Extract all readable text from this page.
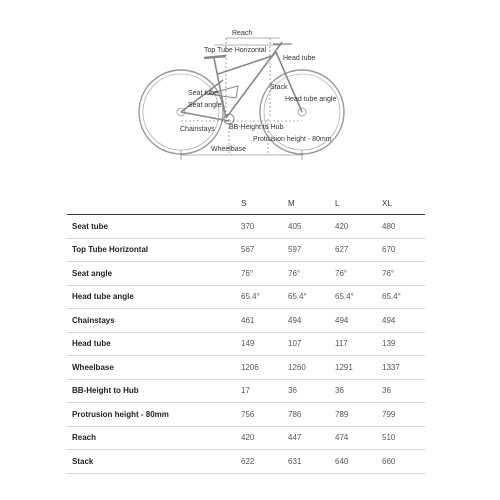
Reach
Top Tube Horizontal
Head tube
Stack
Seat tube
Seat angle
Head tube angle
Chainstays BB-Height to Hub
Protrusion height - 80mm
Wheelbase
	S	M	L	XL
Seat tube	370	405	420	480
Top Tube Horizontal	567	597	627	670
Seat angle	76°	76°	76°	76°
Head tube angle	65.4°	65.4°	65.4°	65.4°
Chainstays	461	494	494	494
Head tube	149	107	117	139
Wheelbase	1206	1260	1291	1337
BB-Height to Hub	17	36	36	36
Protrusion height - 80mm	756	786	789	799
Reach	420	447	474	510
Stack	622	631	640	660
